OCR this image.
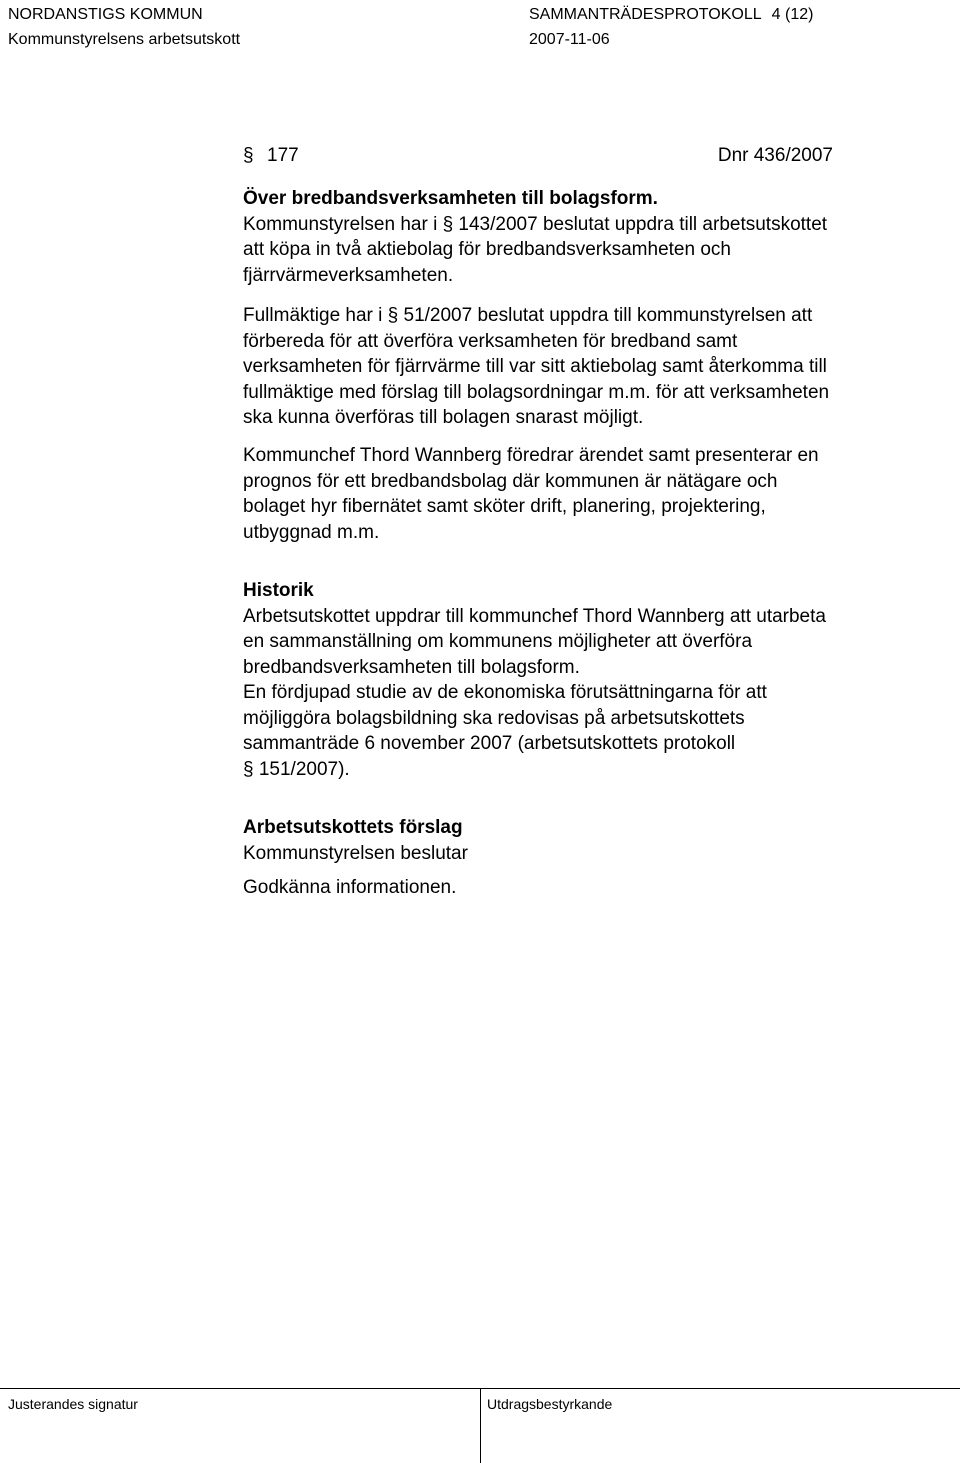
NORDANSTIGS KOMMUN	SAMMANTRÄDESPROTOKOLL 4 (12)
Kommunstyrelsens arbetsutskott	2007-11-06
§ 177	Dnr 436/2007
Över bredbandsverksamheten till bolagsform.
Kommunstyrelsen har i § 143/2007 beslutat uppdra till arbetsutskottet
att köpa in två aktiebolag för bredbandsverksamheten och
fjärrvärmeverksamheten.
Fullmäktige har i § 51/2007 beslutat uppdra till kommunstyrelsen att
förbereda för att överföra verksamheten för bredband samt
verksamheten för fjärrvärme till var sitt aktiebolag samt återkomma till
fullmäktige med förslag till bolagsordningar m.m. för att verksamheten
ska kunna överföras till bolagen snarast möjligt.
Kommunchef Thord Wannberg föredrar ärendet samt presenterar en
prognos för ett bredbandsbolag där kommunen är nätägare och
bolaget hyr fibernätet samt sköter drift, planering, projektering,
utbyggnad m.m.
Historik
Arbetsutskottet uppdrar till kommunchef Thord Wannberg att utarbeta
en sammanställning om kommunens möjligheter att överföra
bredbandsverksamheten till bolagsform.
En fördjupad studie av de ekonomiska förutsättningarna för att
möjliggöra bolagsbildning ska redovisas på arbetsutskottets
sammanträde 6 november 2007 (arbetsutskottets protokoll
§ 151/2007).
Arbetsutskottets förslag
Kommunstyrelsen beslutar
Godkänna informationen.
Justerandes signatur	Utdragsbestyrkande
